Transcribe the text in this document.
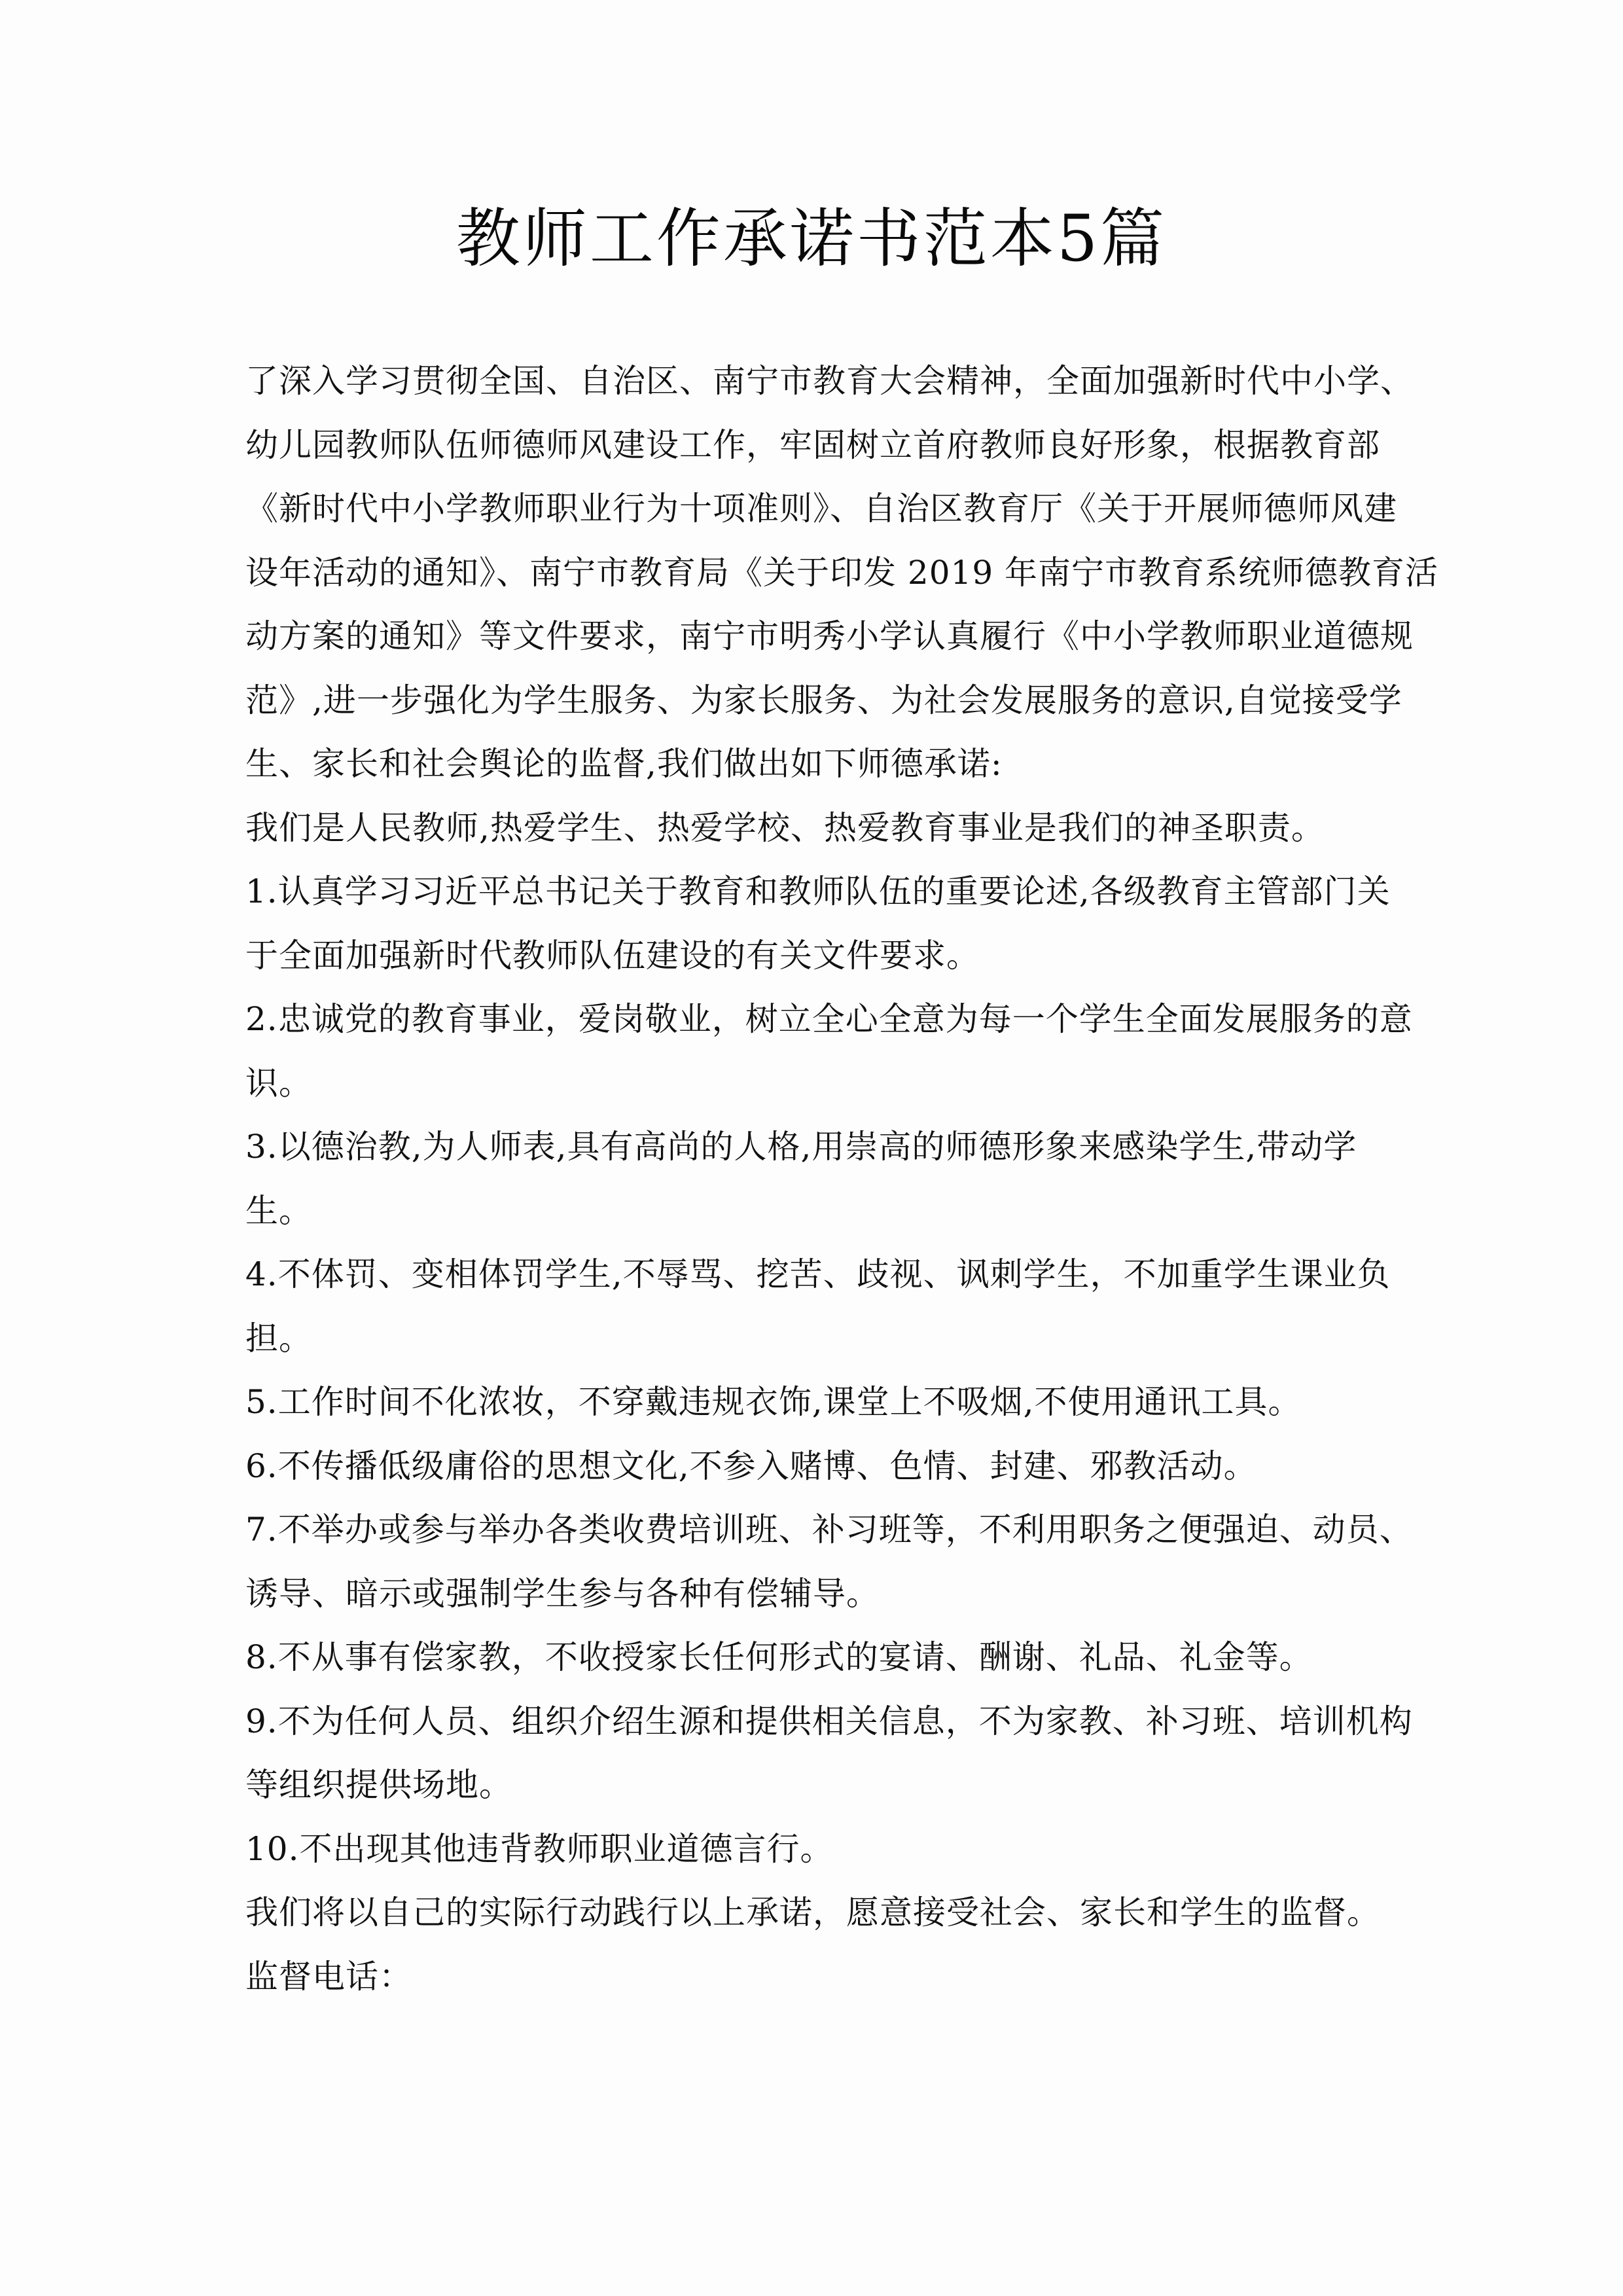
教师工作承诺书范本5篇
了深入学习贯彻全国、自治区、南宁市教育大会精神，全面加强新时代中小学、
幼儿园教师队伍师德师风建设工作，牢固树立首府教师良好形象，根据教育部
《新时代中小学教师职业行为十项准则》、自治区教育厅《关于开展师德师风建
设年活动的通知》、南宁市教育局《关于印发 2019 年南宁市教育系统师德教育活
动方案的通知》等文件要求，南宁市明秀小学认真履行《中小学教师职业道德规
范》,进一步强化为学生服务、为家长服务、为社会发展服务的意识,自觉接受学
生、家长和社会舆论的监督,我们做出如下师德承诺:
我们是人民教师,热爱学生、热爱学校、热爱教育事业是我们的神圣职责。
1.认真学习习近平总书记关于教育和教师队伍的重要论述,各级教育主管部门关
于全面加强新时代教师队伍建设的有关文件要求。
2.忠诚党的教育事业，爱岗敬业，树立全心全意为每一个学生全面发展服务的意
识。
3.以德治教,为人师表,具有高尚的人格,用崇高的师德形象来感染学生,带动学
生。
4.不体罚、变相体罚学生,不辱骂、挖苦、歧视、讽刺学生，不加重学生课业负
担。
5.工作时间不化浓妆，不穿戴违规衣饰,课堂上不吸烟,不使用通讯工具。
6.不传播低级庸俗的思想文化,不参入赌博、色情、封建、邪教活动。
7.不举办或参与举办各类收费培训班、补习班等，不利用职务之便强迫、动员、
诱导、暗示或强制学生参与各种有偿辅导。
8.不从事有偿家教，不收授家长任何形式的宴请、酬谢、礼品、礼金等。
9.不为任何人员、组织介绍生源和提供相关信息，不为家教、补习班、培训机构
等组织提供场地。
10.不出现其他违背教师职业道德言行。
我们将以自己的实际行动践行以上承诺，愿意接受社会、家长和学生的监督。
监督电话：
